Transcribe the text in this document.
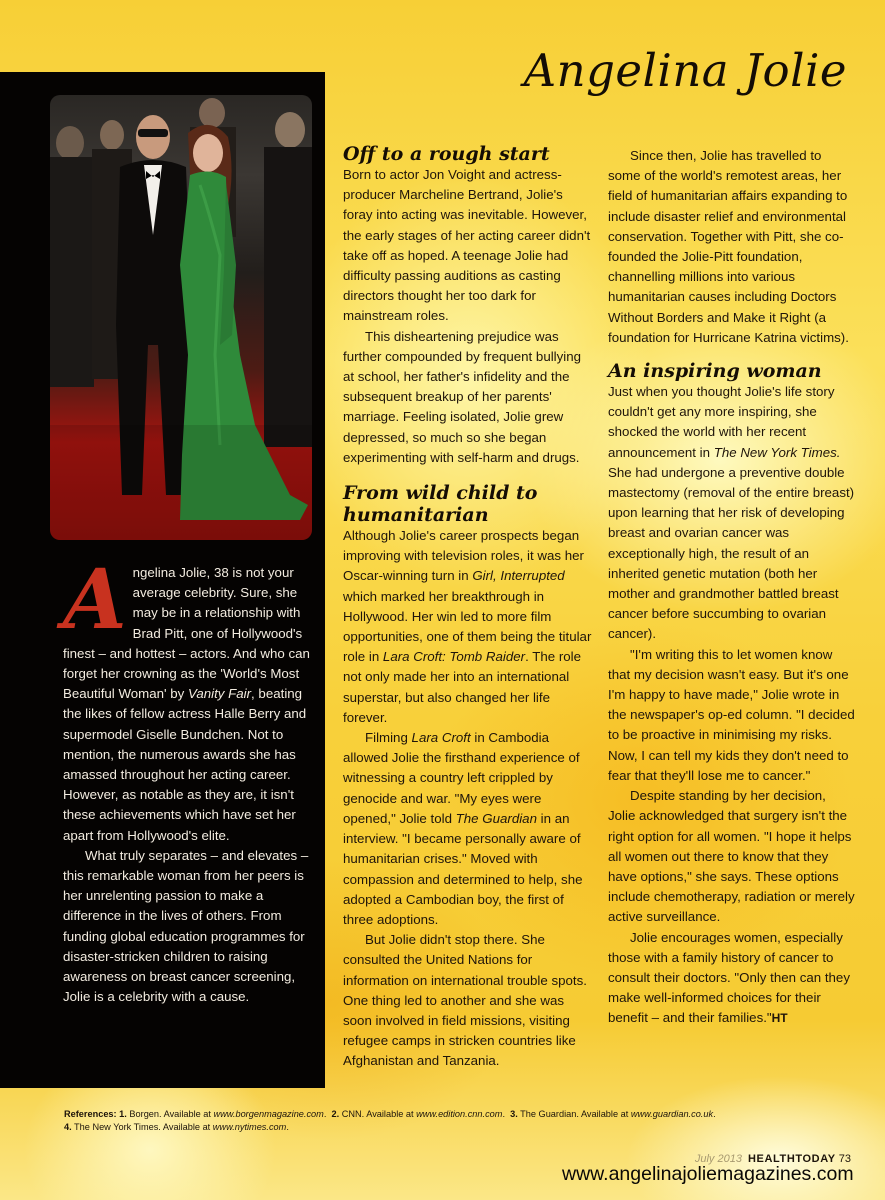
Angelina Jolie

Angelina Jolie, 38 is not your average celebrity. Sure, she may be in a relationship with Brad Pitt, one of Hollywood's finest – and hottest – actors. And who can forget her crowning as the 'World's Most Beautiful Woman' by Vanity Fair, beating the likes of fellow actress Halle Berry and supermodel Giselle Bundchen. Not to mention, the numerous awards she has amassed throughout her acting career. However, as notable as they are, it isn't these achievements which have set her apart from Hollywood's elite.

What truly separates – and elevates – this remarkable woman from her peers is her unrelenting passion to make a difference in the lives of others. From funding global education programmes for disaster-stricken children to raising awareness on breast cancer screening, Jolie is a celebrity with a cause.

Off to a rough start

Born to actor Jon Voight and actress-producer Marcheline Bertrand, Jolie's foray into acting was inevitable. However, the early stages of her acting career didn't take off as hoped. A teenage Jolie had difficulty passing auditions as casting directors thought her too dark for mainstream roles.

This disheartening prejudice was further compounded by frequent bullying at school, her father's infidelity and the subsequent breakup of her parents' marriage. Feeling isolated, Jolie grew depressed, so much so she began experimenting with self-harm and drugs.

From wild child to humanitarian

Although Jolie's career prospects began improving with television roles, it was her Oscar-winning turn in Girl, Interrupted which marked her breakthrough in Hollywood. Her win led to more film opportunities, one of them being the titular role in Lara Croft: Tomb Raider. The role not only made her into an international superstar, but also changed her life forever.

Filming Lara Croft in Cambodia allowed Jolie the firsthand experience of witnessing a country left crippled by genocide and war. "My eyes were opened," Jolie told The Guardian in an interview. "I became personally aware of humanitarian crises." Moved with compassion and determined to help, she adopted a Cambodian boy, the first of three adoptions.

But Jolie didn't stop there. She consulted the United Nations for information on international trouble spots. One thing led to another and she was soon involved in field missions, visiting refugee camps in stricken countries like Afghanistan and Tanzania.

Since then, Jolie has travelled to some of the world's remotest areas, her field of humanitarian affairs expanding to include disaster relief and environmental conservation. Together with Pitt, she co-founded the Jolie-Pitt foundation, channelling millions into various humanitarian causes including Doctors Without Borders and Make it Right (a foundation for Hurricane Katrina victims).

An inspiring woman

Just when you thought Jolie's life story couldn't get any more inspiring, she shocked the world with her recent announcement in The New York Times. She had undergone a preventive double mastectomy (removal of the entire breast) upon learning that her risk of developing breast and ovarian cancer was exceptionally high, the result of an inherited genetic mutation (both her mother and grandmother battled breast cancer before succumbing to ovarian cancer).

"I'm writing this to let women know that my decision wasn't easy. But it's one I'm happy to have made," Jolie wrote in the newspaper's op-ed column. "I decided to be proactive in minimising my risks. Now, I can tell my kids they don't need to fear that they'll lose me to cancer."

Despite standing by her decision, Jolie acknowledged that surgery isn't the right option for all women. "I hope it helps all women out there to know that they have options," she says. These options include chemotherapy, radiation or merely active surveillance.

Jolie encourages women, especially those with a family history of cancer to consult their doctors. "Only then can they make well-informed choices for their benefit – and their families."HT

References: 1. Borgen. Available at www.borgenmagazine.com.  2. CNN. Available at www.edition.cnn.com.  3. The Guardian. Available at www.guardian.co.uk.
4. The New York Times. Available at www.nytimes.com.
July 2013 HEALTHTODAY 73
www.angelinajoliemagazines.com
